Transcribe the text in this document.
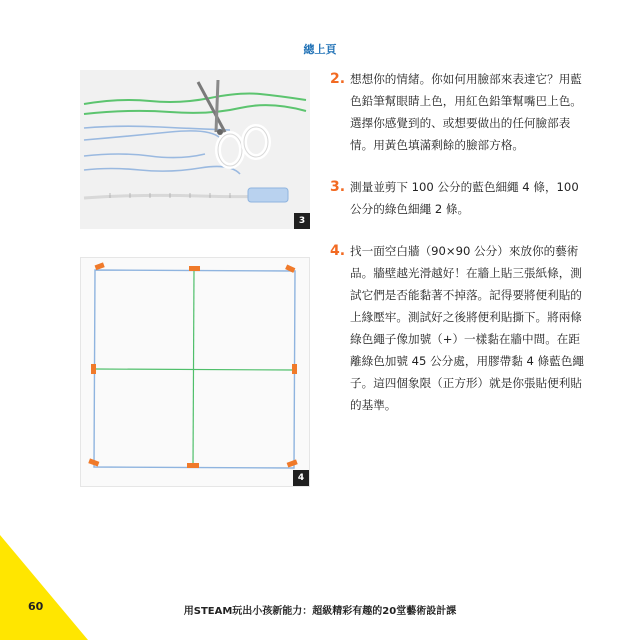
總上頁
3
4
2. 想想你的情緒。你如何用臉部來表達它？用藍色鉛筆幫眼睛上色，用紅色鉛筆幫嘴巴上色。選擇你感覺到的、或想要做出的任何臉部表情。用黃色填滿剩餘的臉部方格。
3. 測量並剪下 100 公分的藍色細繩 4 條，100 公分的綠色細繩 2 條。
4. 找一面空白牆（90×90 公分）來放你的藝術品。牆壁越光滑越好！在牆上貼三張紙條，測試它們是否能黏著不掉落。記得要將便利貼的上緣壓牢。測試好之後將便利貼撕下。將兩條綠色繩子像加號（+）一樣黏在牆中間。在距離綠色加號 45 公分處，用膠帶黏 4 條藍色繩子。這四個象限（正方形）就是你張貼便利貼的基準。
60	用STEAM玩出小孩新能力：超級精彩有趣的20堂藝術設計課
